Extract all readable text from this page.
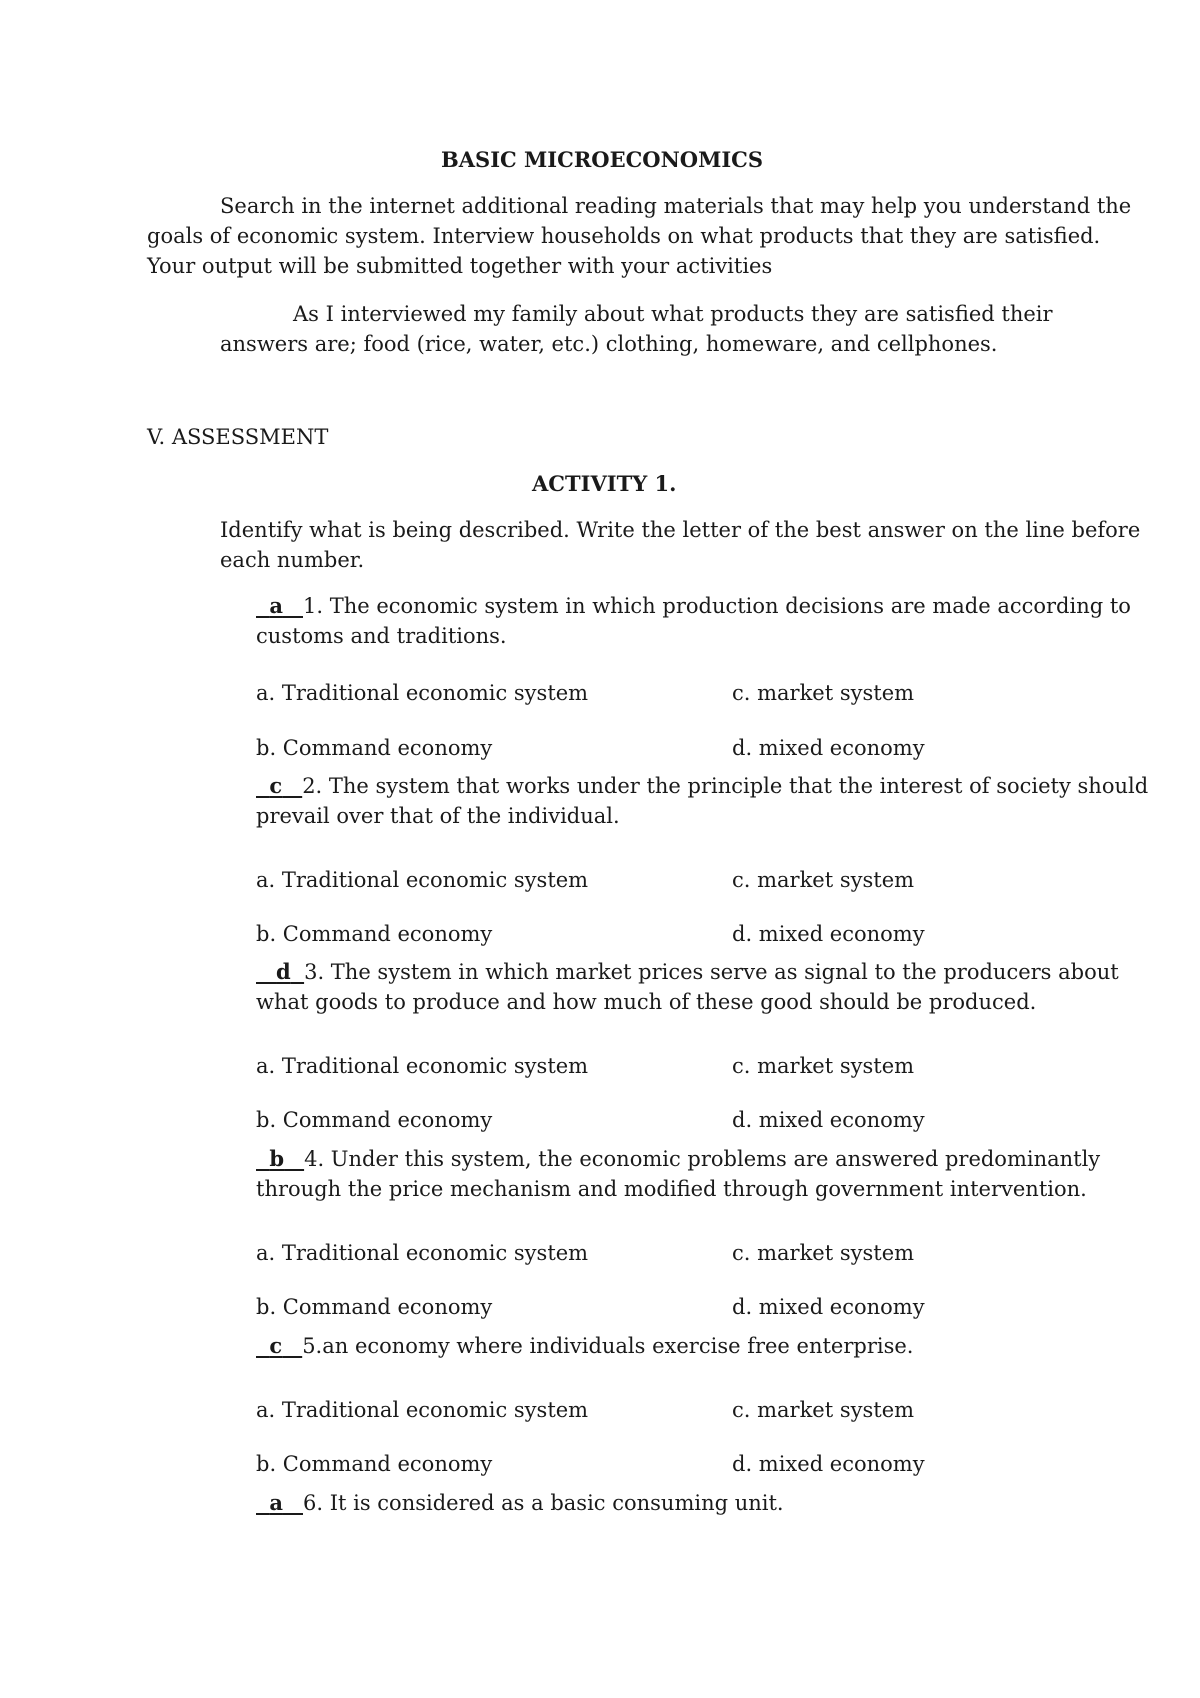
BASIC MICROECONOMICS
Search in the internet additional reading materials that may help you understand the
goals of economic system. Interview households on what products that they are satisfied.
Your output will be submitted together with your activities
As I interviewed my family about what products they are satisfied their
answers are; food (rice, water, etc.) clothing, homeware, and cellphones.
V. ASSESSMENT
ACTIVITY 1.
Identify what is being described. Write the letter of the best answer on the line before
each number.
a 1. The economic system in which production decisions are made according to
customs and traditions.
a. Traditional economic system	c. market system
b. Command economy	d. mixed economy
c 2. The system that works under the principle that the interest of society should
prevail over that of the individual.
a. Traditional economic system	c. market system
b. Command economy	d. mixed economy
d 3. The system in which market prices serve as signal to the producers about
what goods to produce and how much of these good should be produced.
a. Traditional economic system	c. market system
b. Command economy	d. mixed economy
b 4. Under this system, the economic problems are answered predominantly
through the price mechanism and modified through government intervention.
a. Traditional economic system	c. market system
b. Command economy	d. mixed economy
c 5.an economy where individuals exercise free enterprise.
a. Traditional economic system	c. market system
b. Command economy	d. mixed economy
a 6. It is considered as a basic consuming unit.
